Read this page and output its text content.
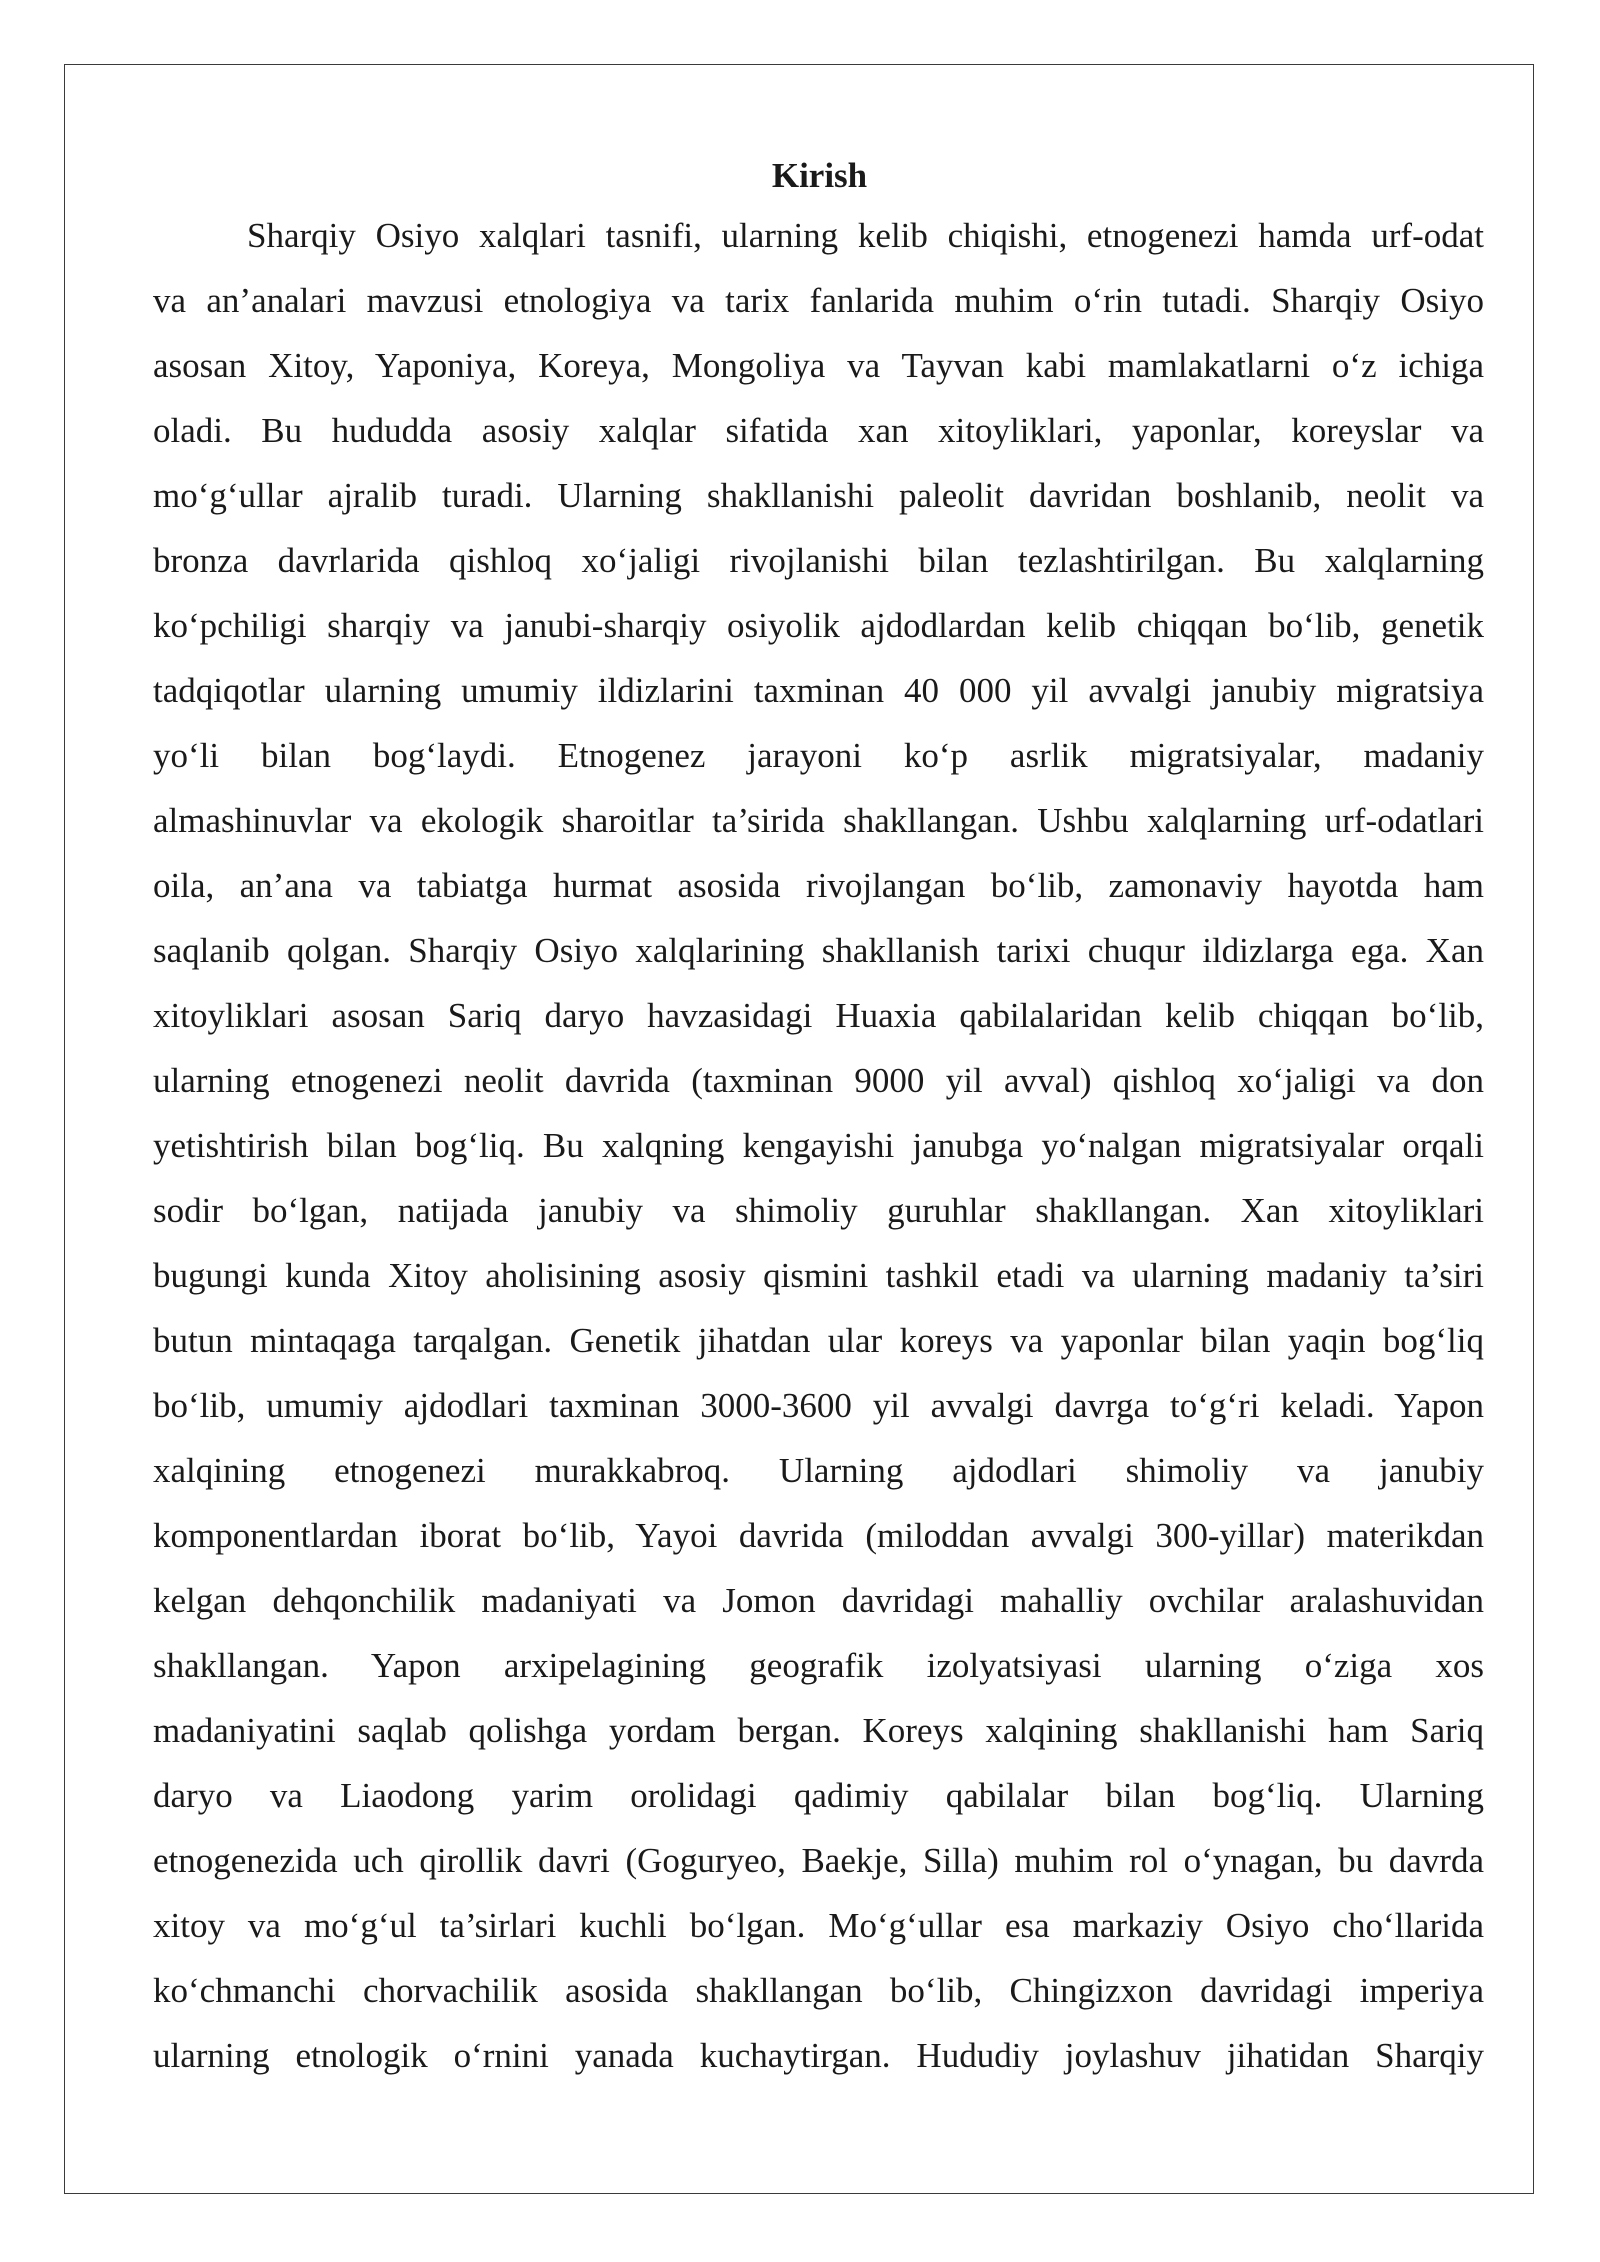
Kirish
Sharqiy Osiyo xalqlari tasnifi, ularning kelib chiqishi, etnogenezi hamda urf-odat
va an’analari mavzusi etnologiya va tarix fanlarida muhim o‘rin tutadi. Sharqiy Osiyo
asosan Xitoy, Yaponiya, Koreya, Mongoliya va Tayvan kabi mamlakatlarni o‘z ichiga
oladi. Bu hududda asosiy xalqlar sifatida xan xitoyliklari, yaponlar, koreyslar va
mo‘g‘ullar ajralib turadi. Ularning shakllanishi paleolit davridan boshlanib, neolit va
bronza davrlarida qishloq xo‘jaligi rivojlanishi bilan tezlashtirilgan. Bu xalqlarning
ko‘pchiligi sharqiy va janubi-sharqiy osiyolik ajdodlardan kelib chiqqan bo‘lib, genetik
tadqiqotlar ularning umumiy ildizlarini taxminan 40 000 yil avvalgi janubiy migratsiya
yo‘li bilan bog‘laydi. Etnogenez jarayoni ko‘p asrlik migratsiyalar, madaniy
almashinuvlar va ekologik sharoitlar ta’sirida shakllangan. Ushbu xalqlarning urf-odatlari
oila, an’ana va tabiatga hurmat asosida rivojlangan bo‘lib, zamonaviy hayotda ham
saqlanib qolgan. Sharqiy Osiyo xalqlarining shakllanish tarixi chuqur ildizlarga ega. Xan
xitoyliklari asosan Sariq daryo havzasidagi Huaxia qabilalaridan kelib chiqqan bo‘lib,
ularning etnogenezi neolit davrida (taxminan 9000 yil avval) qishloq xo‘jaligi va don
yetishtirish bilan bog‘liq. Bu xalqning kengayishi janubga yo‘nalgan migratsiyalar orqali
sodir bo‘lgan, natijada janubiy va shimoliy guruhlar shakllangan. Xan xitoyliklari
bugungi kunda Xitoy aholisining asosiy qismini tashkil etadi va ularning madaniy ta’siri
butun mintaqaga tarqalgan. Genetik jihatdan ular koreys va yaponlar bilan yaqin bog‘liq
bo‘lib, umumiy ajdodlari taxminan 3000-3600 yil avvalgi davrga to‘g‘ri keladi. Yapon
xalqining etnogenezi murakkabroq. Ularning ajdodlari shimoliy va janubiy
komponentlardan iborat bo‘lib, Yayoi davrida (miloddan avvalgi 300-yillar) materikdan
kelgan dehqonchilik madaniyati va Jomon davridagi mahalliy ovchilar aralashuvidan
shakllangan. Yapon arxipelagining geografik izolyatsiyasi ularning o‘ziga xos
madaniyatini saqlab qolishga yordam bergan. Koreys xalqining shakllanishi ham Sariq
daryo va Liaodong yarim orolidagi qadimiy qabilalar bilan bog‘liq. Ularning
etnogenezida uch qirollik davri (Goguryeo, Baekje, Silla) muhim rol o‘ynagan, bu davrda
xitoy va mo‘g‘ul ta’sirlari kuchli bo‘lgan. Mo‘g‘ullar esa markaziy Osiyo cho‘llarida
ko‘chmanchi chorvachilik asosida shakllangan bo‘lib, Chingizxon davridagi imperiya
ularning etnologik o‘rnini yanada kuchaytirgan. Hududiy joylashuv jihatidan Sharqiy
